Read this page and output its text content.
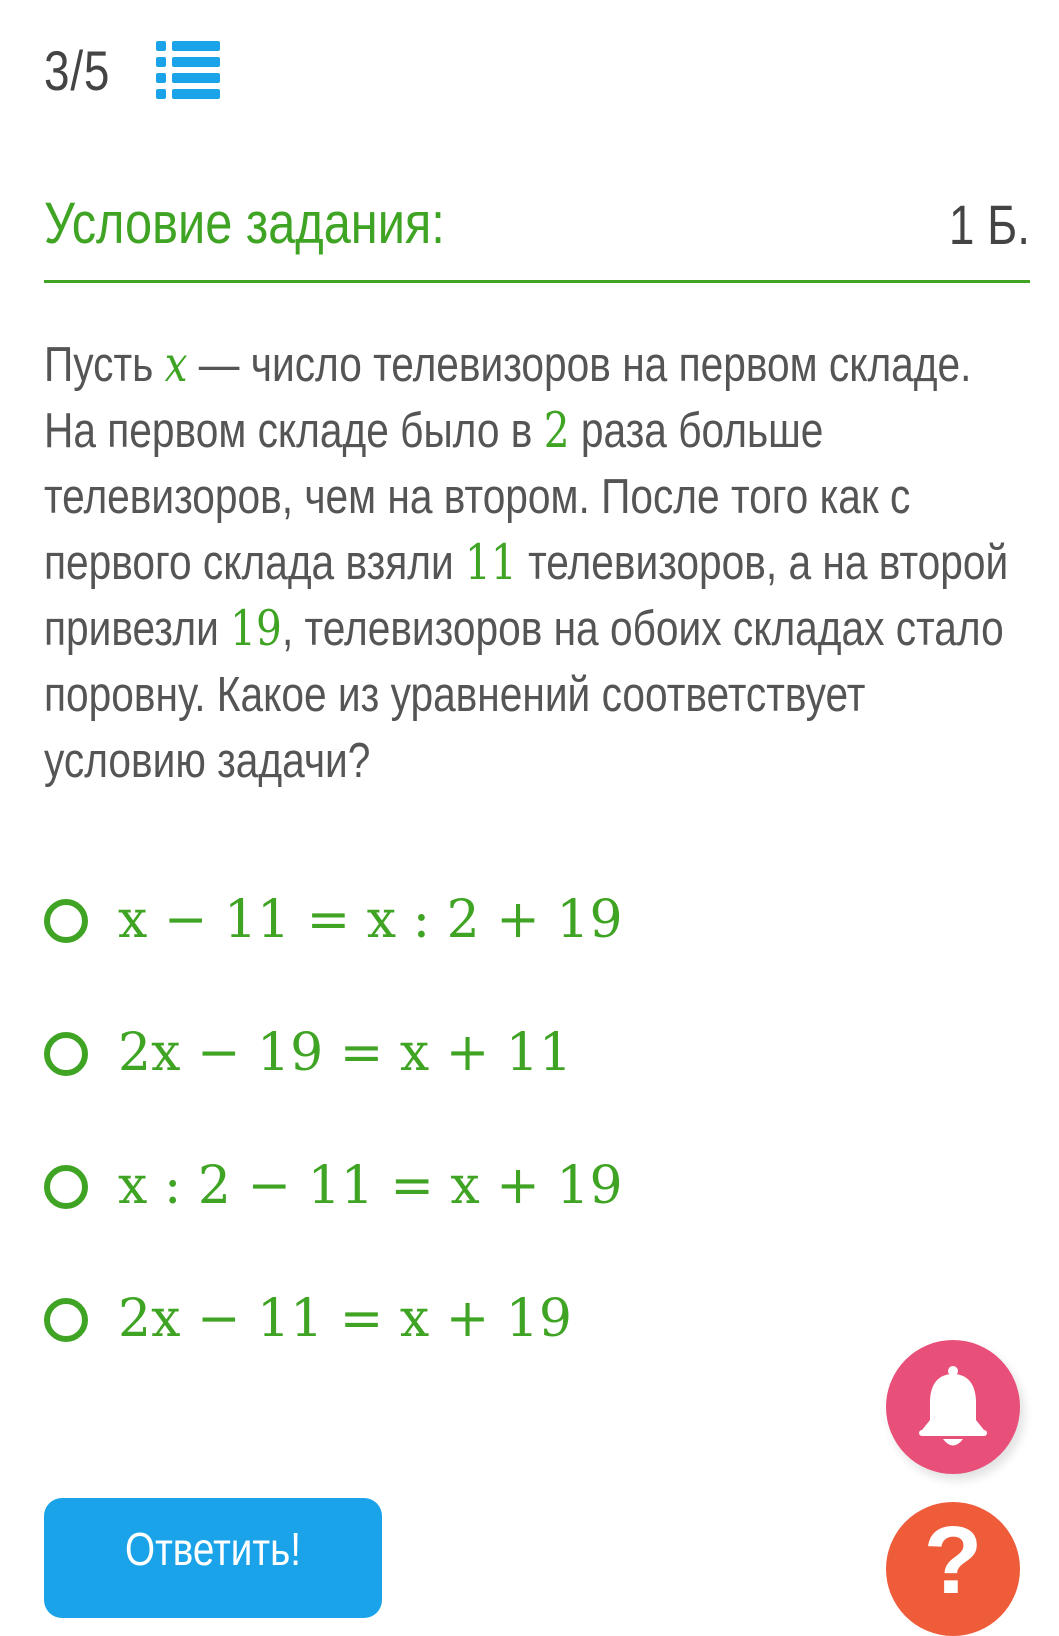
3/5
Условие задания:	1 Б.
Пусть x — число телевизоров на первом складе. На первом складе было в 2 раза больше телевизоров, чем на втором. После того как с первого склада взяли 11 телевизоров, а на второй привезли 19, телевизоров на обоих складах стало поровну. Какое из уравнений соответствует условию задачи?
x − 11 = x : 2 + 19
2x − 19 = x + 11
x : 2 − 11 = x + 19
2x − 11 = x + 19
?
Ответить!
